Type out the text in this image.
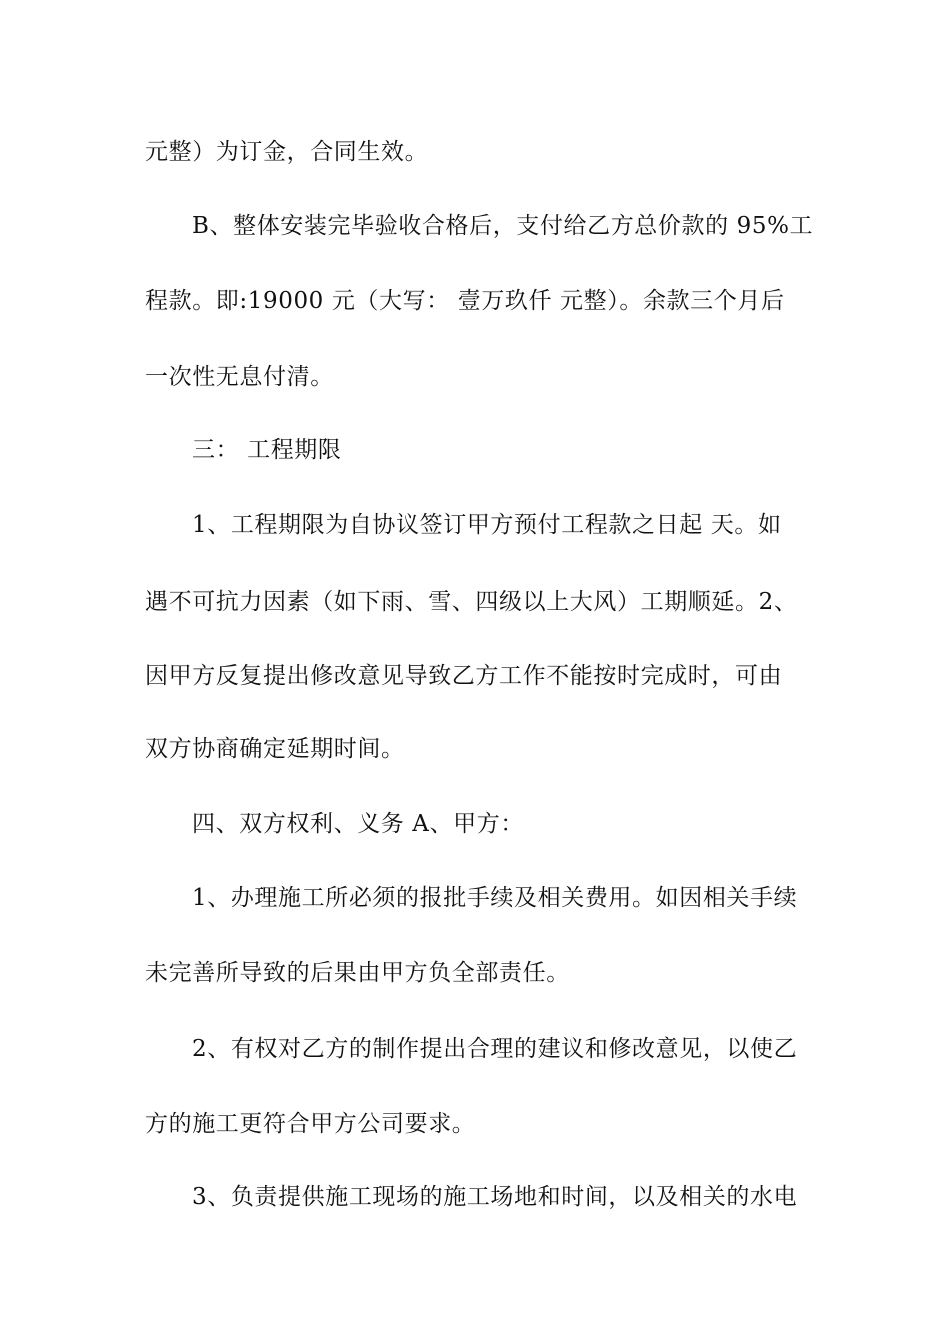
元整）为订金，合同生效。
B、整体安装完毕验收合格后，支付给乙方总价款的 95%工
程款。即:19000 元（大写： 壹万玖仟 元整）。余款三个月后
一次性无息付清。
三： 工程期限
1、工程期限为自协议签订甲方预付工程款之日起 天。如
遇不可抗力因素（如下雨、雪、四级以上大风）工期顺延。2、
因甲方反复提出修改意见导致乙方工作不能按时完成时，可由
双方协商确定延期时间。
四、双方权利、义务 A、甲方：
1、办理施工所必须的报批手续及相关费用。如因相关手续
未完善所导致的后果由甲方负全部责任。
2、有权对乙方的制作提出合理的建议和修改意见，以使乙
方的施工更符合甲方公司要求。
3、负责提供施工现场的施工场地和时间，以及相关的水电
